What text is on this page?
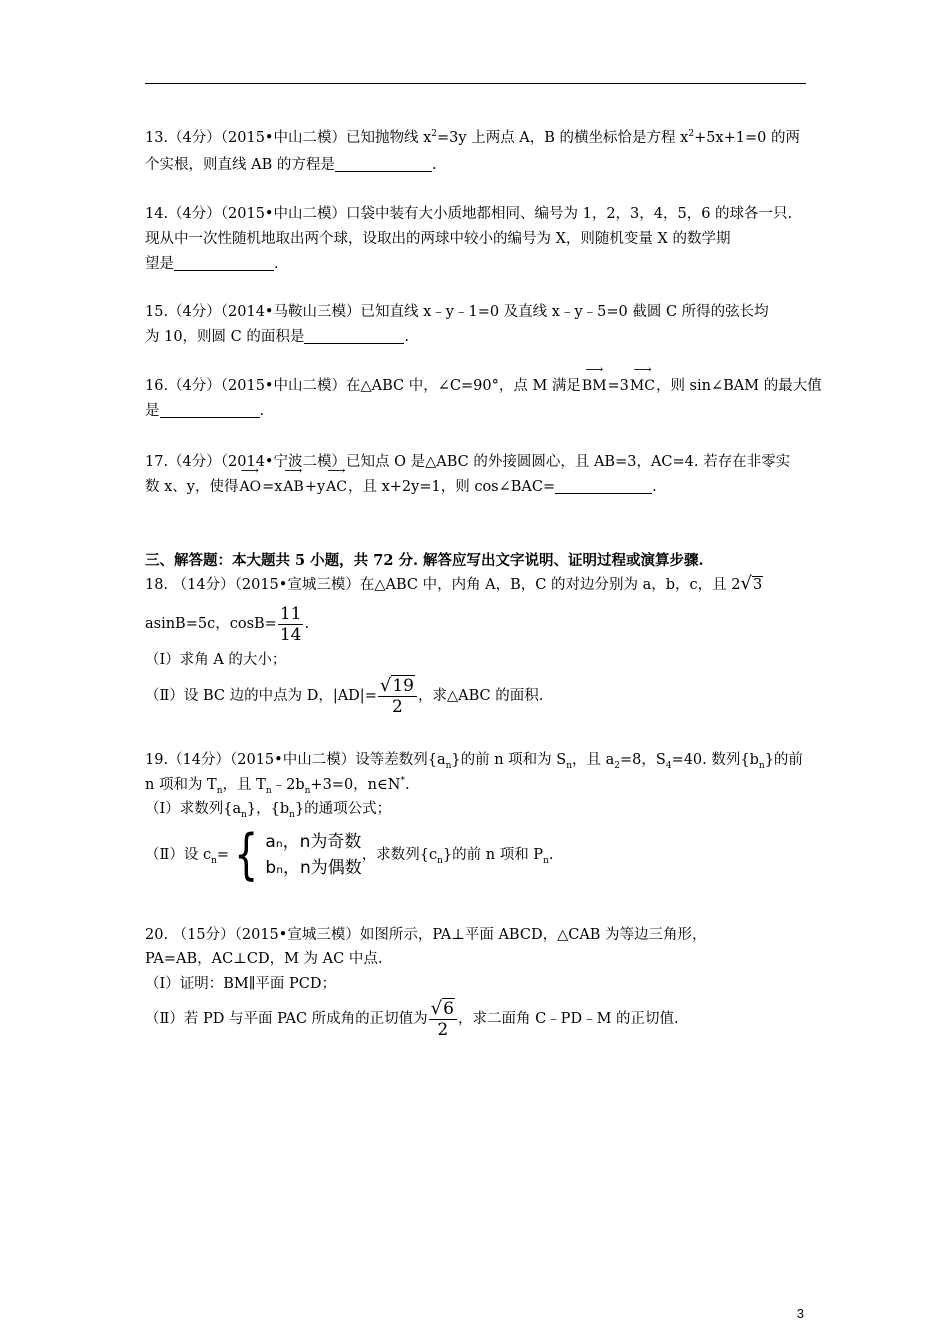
13.（4分）（2015•中山二模）已知抛物线 $x^2=3y$ 上两点 A，B 的横坐标恰是方程 $x^2+5x+1=0$ 的两
个实根，则直线 AB 的方程是	.
14.（4分）（2015•中山二模）口袋中装有大小质地都相同、编号为 1，2，3，4，5，6 的球各一只.
现从中一次性随机地取出两个球，设取出的两球中较小的编号为 X，则随机变量 X 的数学期
望是	.
15.（4分）（2014•马鞍山三模）已知直线 x﹣y﹣1=0 及直线 x﹣y﹣5=0 截圆 C 所得的弦长均
为 10，则圆 C 的面积是	.
16.（4分）（2015•中山二模）在△ABC 中，∠C=90°，点 M 满足⟶ BM=3⟶ MC，则 sin∠BAM 的最大值
是	.
17.（4分）（2014•宁波二模）已知点 O 是△ABC 的外接圆圆心，且 AB=3，AC=4. 若存在非零实
数 x、y，使得⟶ AO=x⟶ AB+y⟶ AC，且 x+2y=1，则 cos∠BAC=	.
三、解答题：本大题共 5 小题，共 72 分. 解答应写出文字说明、证明过程或演算步骤.
18. （14分）（2015•宣城三模）在△ABC 中，内角 A，B，C 的对边分别为 a，b，c，且 2√3
asinB=5c，$\cos B= \frac{11}{14}$ .
（Ⅰ）求角 A 的大小；
（Ⅱ）设 BC 边的中点为 D，$|AD|= \frac{√19}{2}$ ，求△ABC 的面积.
19.（14分）（2015•中山二模）设等差数列$\{a_n\}$的前 n 项和为 $S_n$，且 $a_2=8$，$S_4=40$. 数列$\{b_n\}$的前
n 项和为 $T_n$，且 $T_n﹣2b_n+3=0$，n∈N*.
（Ⅰ）求数列$\{a_n\}$，$\{b_n\}$的通项公式；
（Ⅱ）设 $c_n=$ { aₙ，n为奇数
bₙ，n为偶数
，求数列$\{c_n\}$的前 n 项和 $P_n$.
20. （15分）（2015•宣城三模）如图所示，PA⊥平面 ABCD，△CAB 为等边三角形，
PA=AB，AC⊥CD，M 为 AC 中点.
（Ⅰ）证明：BM∥平面 PCD；
（Ⅱ）若 PD 与平面 PAC 所成角的正切值为 $\frac{√6}{2}$ ，求二面角 C﹣PD﹣M 的正切值.
3
